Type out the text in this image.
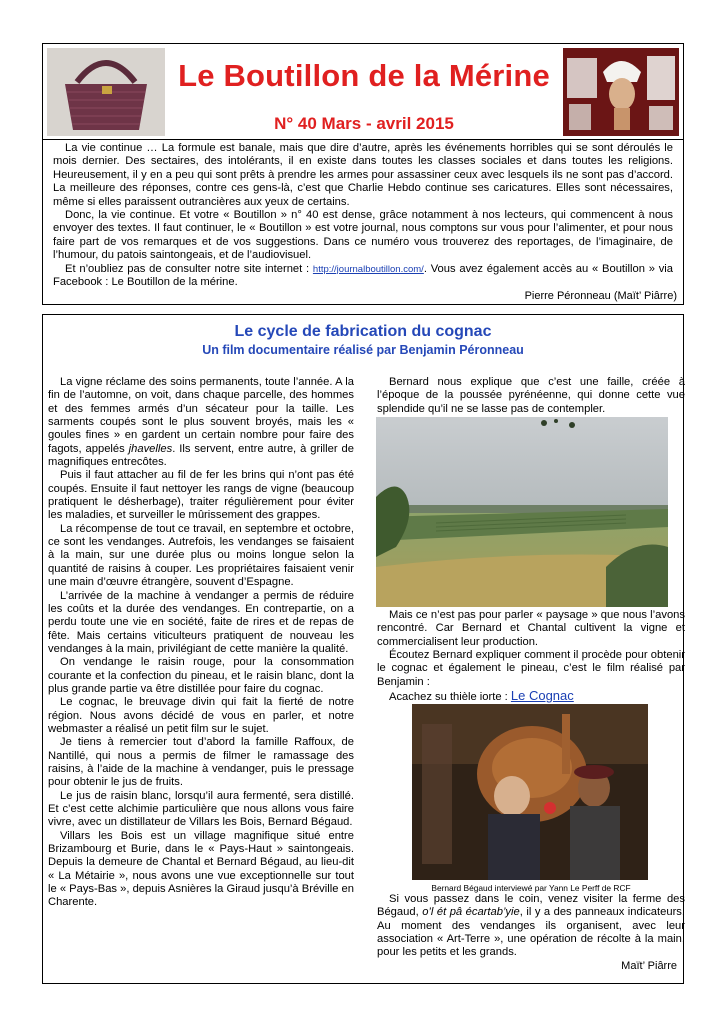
Le Boutillon de la Mérine
N° 40 Mars - avril 2015

La vie continue … La formule est banale, mais que dire d’autre, après les événements horribles qui se sont déroulés le mois dernier. Des sectaires, des intolérants, il en existe dans toutes les classes sociales et dans toutes les religions. Heureusement, il y en a peu qui sont prêts à prendre les armes pour assassiner ceux avec lesquels ils ne sont pas d’accord. La meilleure des réponses, contre ces gens-là, c’est que Charlie Hebdo continue ses caricatures. Elles sont nécessaires, même si elles paraissent outrancières aux yeux de certains.

Donc, la vie continue. Et votre « Boutillon » n° 40 est dense, grâce notamment à nos lecteurs, qui commencent à nous envoyer des textes. Il faut continuer, le « Boutillon » est votre journal, nous comptons sur vous pour l’alimenter, et pour nous faire part de vos remarques et de vos suggestions. Dans ce numéro vous trouverez des reportages, de l’imaginaire, de l’humour, du patois saintongeais, et de l’audiovisuel.

Et n’oubliez pas de consulter notre site internet : http://journalboutillon.com/. Vous avez également accès au « Boutillon » via Facebook : Le Boutillon de la mérine.

Pierre Péronneau (Maït’ Piârre)
Le cycle de fabrication du cognac
Un film documentaire réalisé par Benjamin Péronneau

La vigne réclame des soins permanents, toute l’année. A la fin de l’automne, on voit, dans chaque parcelle, des hommes et des femmes armés d’un sécateur pour la taille. Les sarments coupés sont le plus souvent broyés, mais les « goules fines » en gardent un certain nombre pour faire des fagots, appelés jhavelles. Ils servent, entre autre, à griller de magnifiques entrecôtes.

Puis il faut attacher au fil de fer les brins qui n’ont pas été coupés. Ensuite il faut nettoyer les rangs de vigne (beaucoup pratiquent le désherbage), traiter régulièrement pour éviter les maladies, et surveiller le mûrissement des grappes.

La récompense de tout ce travail, en septembre et octobre, ce sont les vendanges. Autrefois, les vendanges se faisaient à la main, sur une durée plus ou moins longue selon la quantité de raisins à couper. Les propriétaires faisaient venir une main d’œuvre étrangère, souvent d’Espagne.

L’arrivée de la machine à vendanger a permis de réduire les coûts et la durée des vendanges. En contrepartie, on a perdu toute une vie en société, faite de rires et de repas de fête. Mais certains viticulteurs pratiquent de nouveau les vendanges à la main, privilégiant de cette manière la qualité.

On vendange le raisin rouge, pour la consommation courante et la confection du pineau, et le raisin blanc, dont la plus grande partie va être distillée pour faire du cognac.

Le cognac, le breuvage divin qui fait la fierté de notre région. Nous avons décidé de vous en parler, et notre webmaster a réalisé un petit film sur le sujet.

Je tiens à remercier tout d’abord la famille Raffoux, de Nantillé, qui nous a permis de filmer le ramassage des raisins, à l’aide de la machine à vendanger, puis le pressage pour obtenir le jus de fruits.

Le jus de raisin blanc, lorsqu’il aura fermenté, sera distillé. Et c’est cette alchimie particulière que nous allons vous faire vivre, avec un distillateur de Villars les Bois, Bernard Bégaud.

Villars les Bois est un village magnifique situé entre Brizambourg et Burie, dans le « Pays-Haut » saintongeais. Depuis la demeure de Chantal et Bernard Bégaud, au lieu-dit « La Métairie », nous avons une vue exceptionnelle sur tout le « Pays-Bas », depuis Asnières la Giraud jusqu’à Bréville en Charente.

Bernard nous explique que c’est une faille, créée à l’époque de la poussée pyrénéenne, qui donne cette vue splendide qu’il ne se lasse pas de contempler.

Mais ce n’est pas pour parler « paysage » que nous l’avons rencontré. Car Bernard et Chantal cultivent la vigne et commercialisent leur production.

Écoutez Bernard expliquer comment il procède pour obtenir le cognac et également le pineau, c’est le film réalisé par Benjamin :

Acachez su thièle iorte : Le Cognac

Bernard Bégaud interviewé par Yann Le Perff de RCF

Si vous passez dans le coin, venez visiter la ferme des Bégaud, o’l ét pâ écartab’yie, il y a des panneaux indicateurs. Au moment des vendanges ils organisent, avec leur association « Art-Terre », une opération de récolte à la main, pour les petits et les grands.

Maït’ Piârre
